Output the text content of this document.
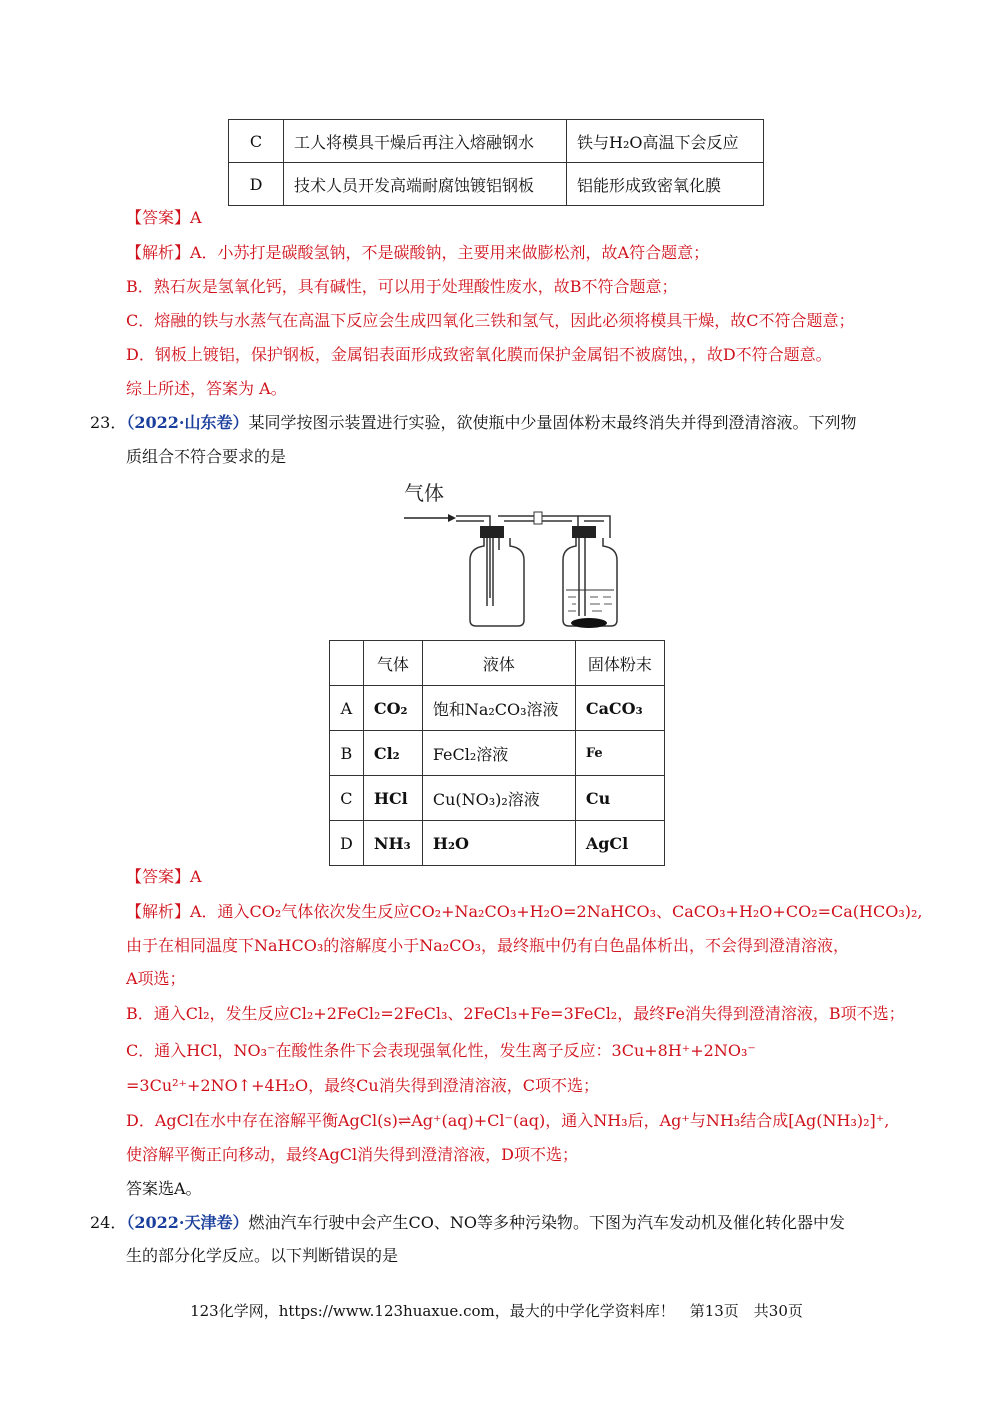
C	工人将模具干燥后再注入熔融钢水	铁与H₂O高温下会反应
D	技术人员开发高端耐腐蚀镀铝钢板	铝能形成致密氧化膜
【答案】A
【解析】A．小苏打是碳酸氢钠，不是碳酸钠，主要用来做膨松剂，故A符合题意；
B．熟石灰是氢氧化钙，具有碱性，可以用于处理酸性废水，故B不符合题意；
C．熔融的铁与水蒸气在高温下反应会生成四氧化三铁和氢气，因此必须将模具干燥，故C不符合题意；
D．钢板上镀铝，保护钢板，金属铝表面形成致密氧化膜而保护金属铝不被腐蚀，，故D不符合题意。
综上所述，答案为 A。
23．（2022·山东卷）某同学按图示装置进行实验，欲使瓶中少量固体粉末最终消失并得到澄清溶液。下列物
质组合不符合要求的是
气体
	气体	液体	固体粉末
A	CO₂	饱和Na₂CO₃溶液	CaCO₃
B	Cl₂	FeCl₂溶液	Fe
C	HCl	Cu(NO₃)₂溶液	Cu
D	NH₃	H₂O	AgCl
【答案】A
【解析】A．通入CO₂气体依次发生反应CO₂+Na₂CO₃+H₂O=2NaHCO₃、CaCO₃+H₂O+CO₂=Ca(HCO₃)₂,
由于在相同温度下NaHCO₃的溶解度小于Na₂CO₃，最终瓶中仍有白色晶体析出，不会得到澄清溶液，
A项选；
B．通入Cl₂，发生反应Cl₂+2FeCl₂=2FeCl₃、2FeCl₃+Fe=3FeCl₂，最终Fe消失得到澄清溶液，B项不选；
C．通入HCl，NO₃⁻在酸性条件下会表现强氧化性，发生离子反应：3Cu+8H⁺+2NO₃⁻
=3Cu²⁺+2NO↑+4H₂O，最终Cu消失得到澄清溶液，C项不选；
D．AgCl在水中存在溶解平衡AgCl(s)⇌Ag⁺(aq)+Cl⁻(aq)，通入NH₃后，Ag⁺与NH₃结合成[Ag(NH₃)₂]⁺,
使溶解平衡正向移动，最终AgCl消失得到澄清溶液，D项不选；
答案选A。
24．（2022·天津卷）燃油汽车行驶中会产生CO、NO等多种污染物。下图为汽车发动机及催化转化器中发
生的部分化学反应。以下判断错误的是
123化学网，https://www.123huaxue.com，最大的中学化学资料库！　第13页　共30页
